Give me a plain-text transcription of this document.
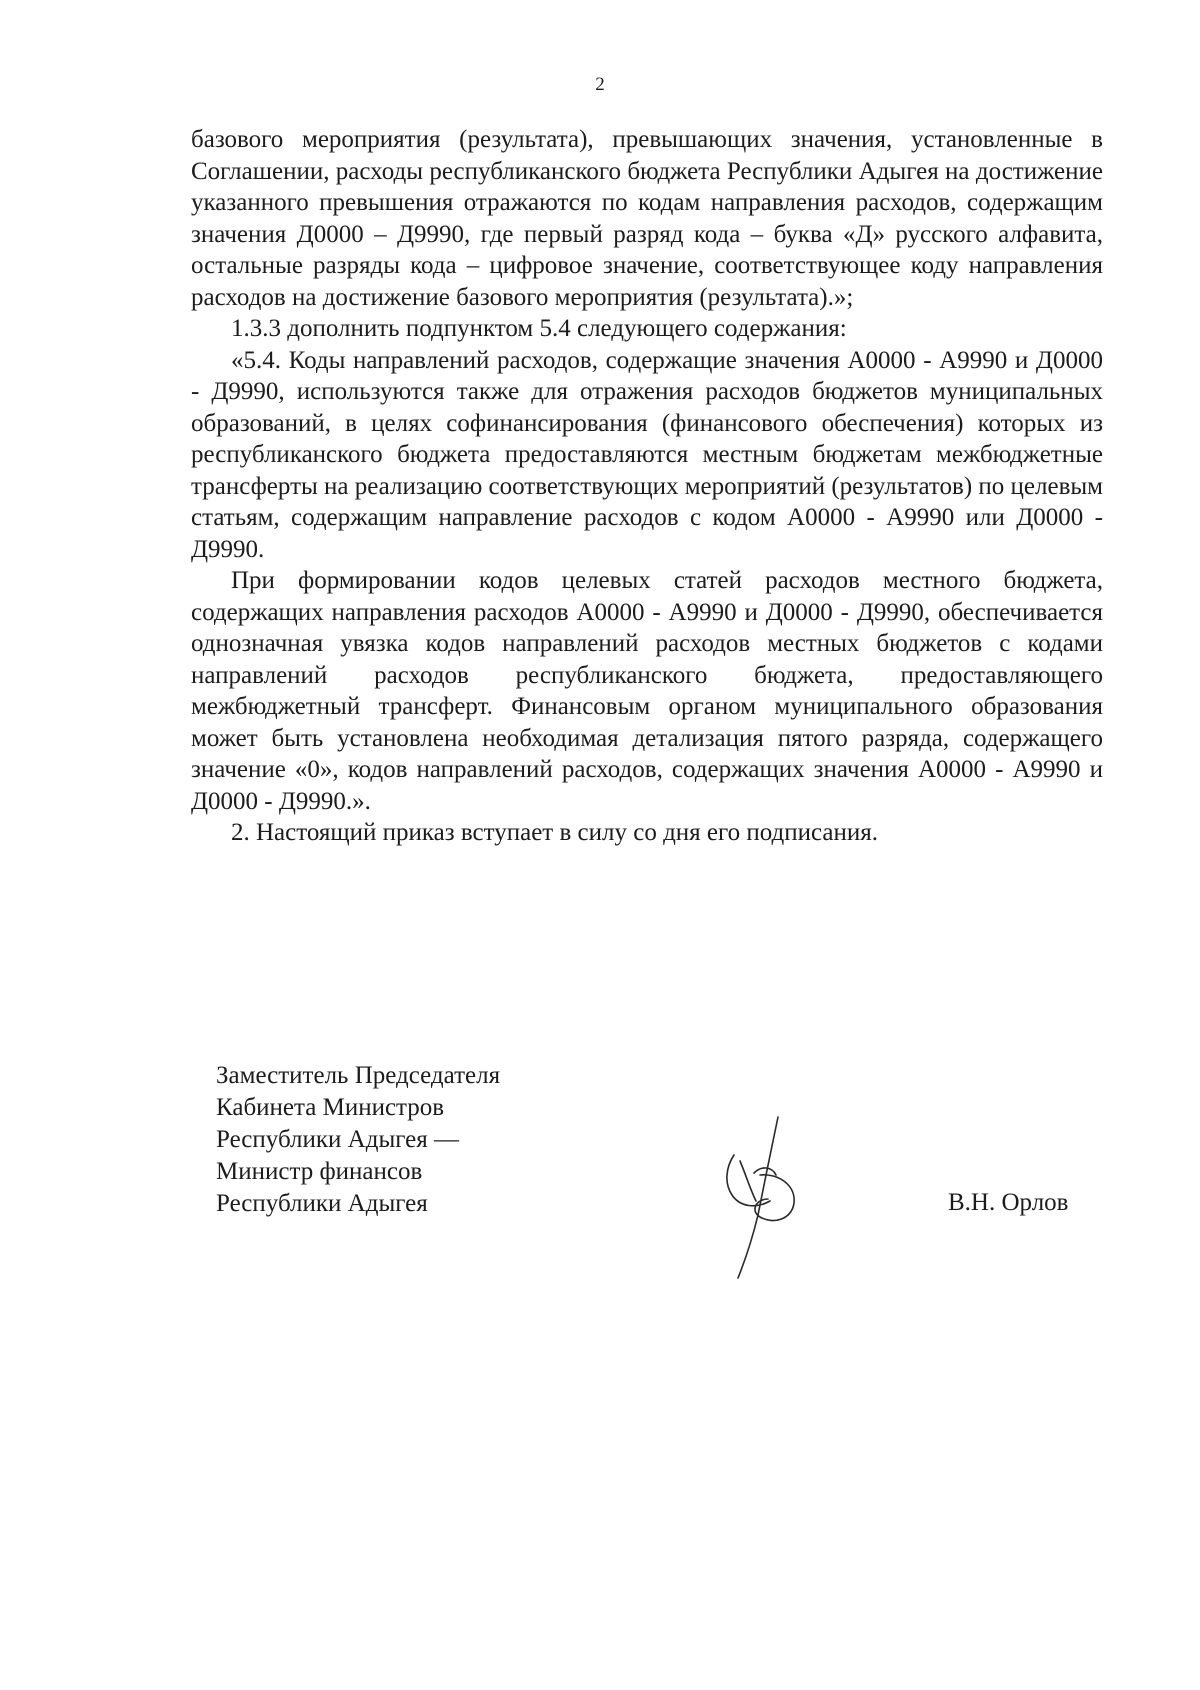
2

базового мероприятия (результата), превышающих значения, установленные в Соглашении, расходы республиканского бюджета Республики Адыгея на достижение указанного превышения отражаются по кодам направления расходов, содержащим значения Д0000 – Д9990, где первый разряд кода – буква «Д» русского алфавита, остальные разряды кода – цифровое значение, соответствующее коду направления расходов на достижение базового мероприятия (результата).»;

1.3.3 дополнить подпунктом 5.4 следующего содержания:

«5.4. Коды направлений расходов, содержащие значения А0000 - А9990 и Д0000 - Д9990, используются также для отражения расходов бюджетов муниципальных образований, в целях софинансирования (финансового обеспечения) которых из республиканского бюджета предоставляются местным бюджетам межбюджетные трансферты на реализацию соответствующих мероприятий (результатов) по целевым статьям, содержащим направление расходов с кодом А0000 - А9990 или Д0000 - Д9990.

При формировании кодов целевых статей расходов местного бюджета, содержащих направления расходов А0000 - А9990 и Д0000 - Д9990, обеспечивается однозначная увязка кодов направлений расходов местных бюджетов с кодами направлений расходов республиканского бюджета, предоставляющего межбюджетный трансферт. Финансовым органом муниципального образования может быть установлена необходимая детализация пятого разряда, содержащего значение «0», кодов направлений расходов, содержащих значения А0000 - А9990 и Д0000 - Д9990.».

2. Настоящий приказ вступает в силу со дня его подписания.

Заместитель Председателя
Кабинета Министров
Республики Адыгея —
Министр финансов
Республики Адыгея	В.Н. Орлов
